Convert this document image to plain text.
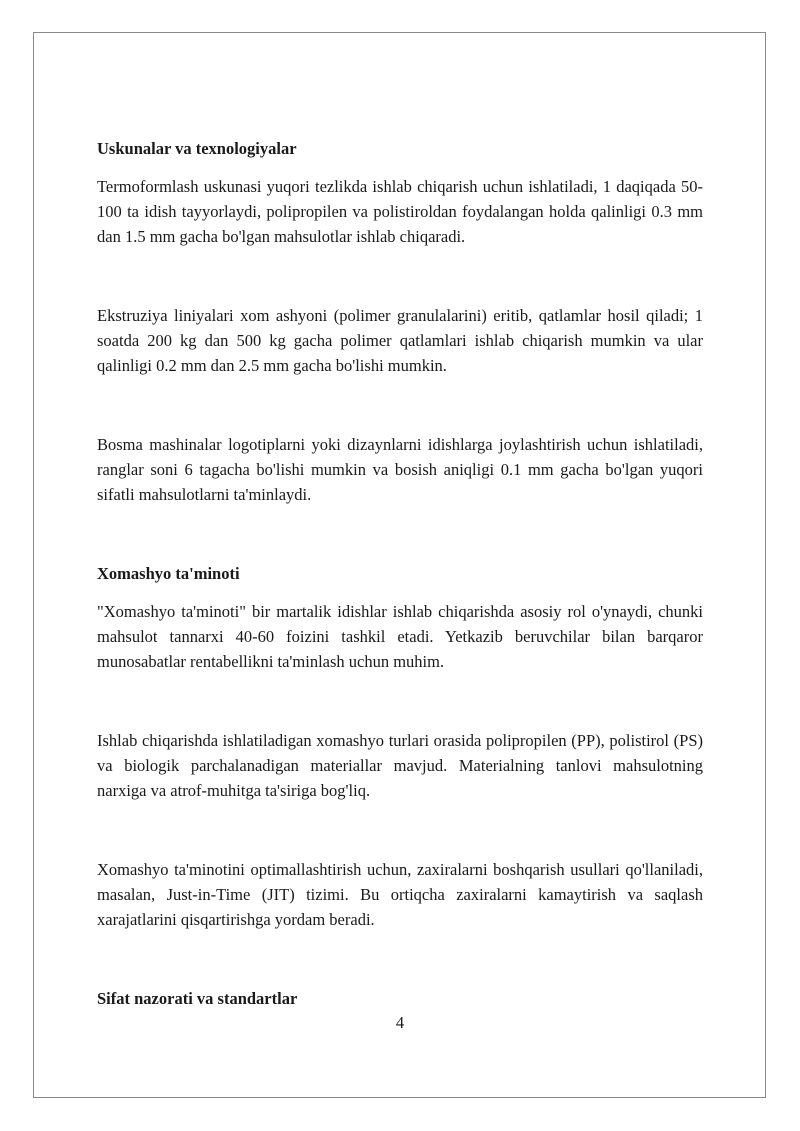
Uskunalar va texnologiyalar

Termoformlash uskunasi yuqori tezlikda ishlab chiqarish uchun ishlatiladi, 1 daqiqada 50-100 ta idish tayyorlaydi, polipropilen va polistiroldan foydalangan holda qalinligi 0.3 mm dan 1.5 mm gacha bo'lgan mahsulotlar ishlab chiqaradi.

Ekstruziya liniyalari xom ashyoni (polimer granulalarini) eritib, qatlamlar hosil qiladi; 1 soatda 200 kg dan 500 kg gacha polimer qatlamlari ishlab chiqarish mumkin va ular qalinligi 0.2 mm dan 2.5 mm gacha bo'lishi mumkin.

Bosma mashinalar logotiplarni yoki dizaynlarni idishlarga joylashtirish uchun ishlatiladi, ranglar soni 6 tagacha bo'lishi mumkin va bosish aniqligi 0.1 mm gacha bo'lgan yuqori sifatli mahsulotlarni ta'minlaydi.

Xomashyo ta'minoti

"Xomashyo ta'minoti" bir martalik idishlar ishlab chiqarishda asosiy rol o'ynaydi, chunki mahsulot tannarxi 40-60 foizini tashkil etadi. Yetkazib beruvchilar bilan barqaror munosabatlar rentabellikni ta'minlash uchun muhim.

Ishlab chiqarishda ishlatiladigan xomashyo turlari orasida polipropilen (PP), polistirol (PS) va biologik parchalanadigan materiallar mavjud. Materialning tanlovi mahsulotning narxiga va atrof-muhitga ta'siriga bog'liq.

Xomashyo ta'minotini optimallashtirish uchun, zaxiralarni boshqarish usullari qo'llaniladi, masalan, Just-in-Time (JIT) tizimi. Bu ortiqcha zaxiralarni kamaytirish va saqlash xarajatlarini qisqartirishga yordam beradi.

Sifat nazorati va standartlar
4
